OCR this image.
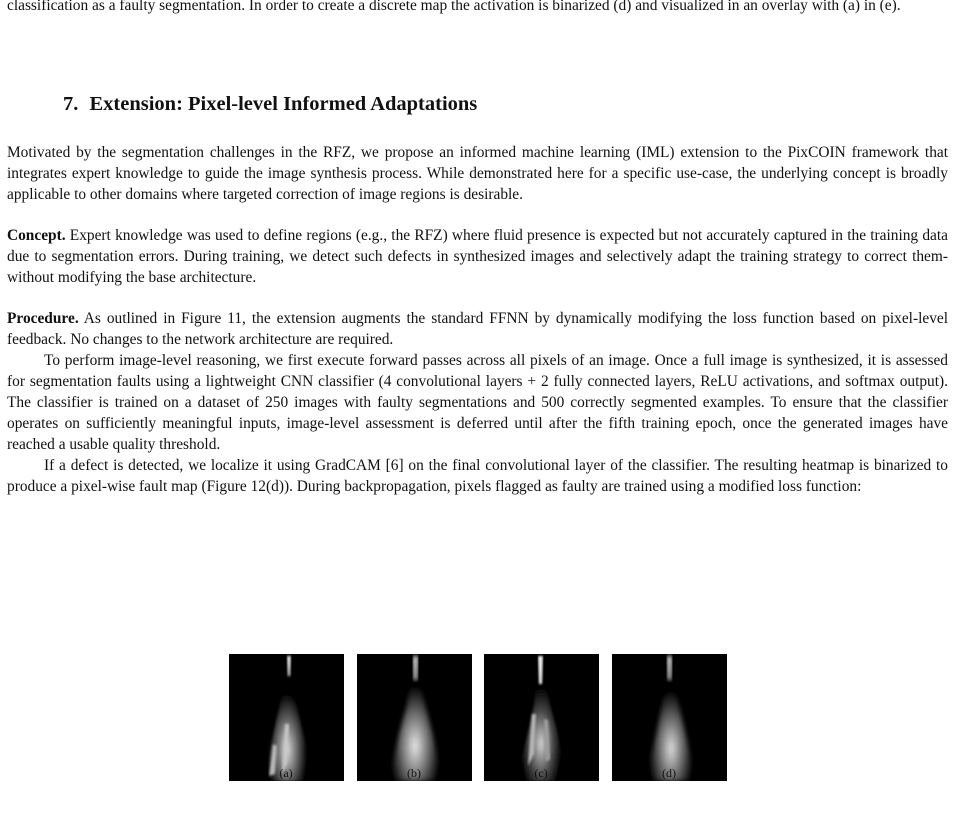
classification as a faulty segmentation. In order to create a discrete map the activation is binarized (d) and visualized in an overlay with (a) in (e).

7. Extension: Pixel-level Informed Adaptations

Motivated by the segmentation challenges in the RFZ, we propose an informed machine learning (IML) extension to the PixCOIN framework that integrates expert knowledge to guide the image synthesis process. While demonstrated here for a specific use-case, the underlying concept is broadly applicable to other domains where targeted correction of image regions is desirable.

Concept. Expert knowledge was used to define regions (e.g., the RFZ) where fluid presence is expected but not accurately captured in the training data due to segmentation errors. During training, we detect such defects in synthesized images and selectively adapt the training strategy to correct them-without modifying the base architecture.

Procedure. As outlined in Figure 11, the extension augments the standard FFNN by dynamically modifying the loss function based on pixel-level feedback. No changes to the network architecture are required.

To perform image-level reasoning, we first execute forward passes across all pixels of an image. Once a full image is synthesized, it is assessed for segmentation faults using a lightweight CNN classifier (4 convolutional layers + 2 fully connected layers, ReLU activations, and softmax output). The classifier is trained on a dataset of 250 images with faulty segmentations and 500 correctly segmented examples. To ensure that the classifier operates on sufficiently meaningful inputs, image-level assessment is deferred until after the fifth training epoch, once the generated images have reached a usable quality threshold.

If a defect is detected, we localize it using GradCAM [6] on the final convolutional layer of the classifier. The resulting heatmap is binarized to produce a pixel-wise fault map (Figure 12(d)). During backpropagation, pixels flagged as faulty are trained using a modified loss function:

(a)	(b)	(c)	(d)
